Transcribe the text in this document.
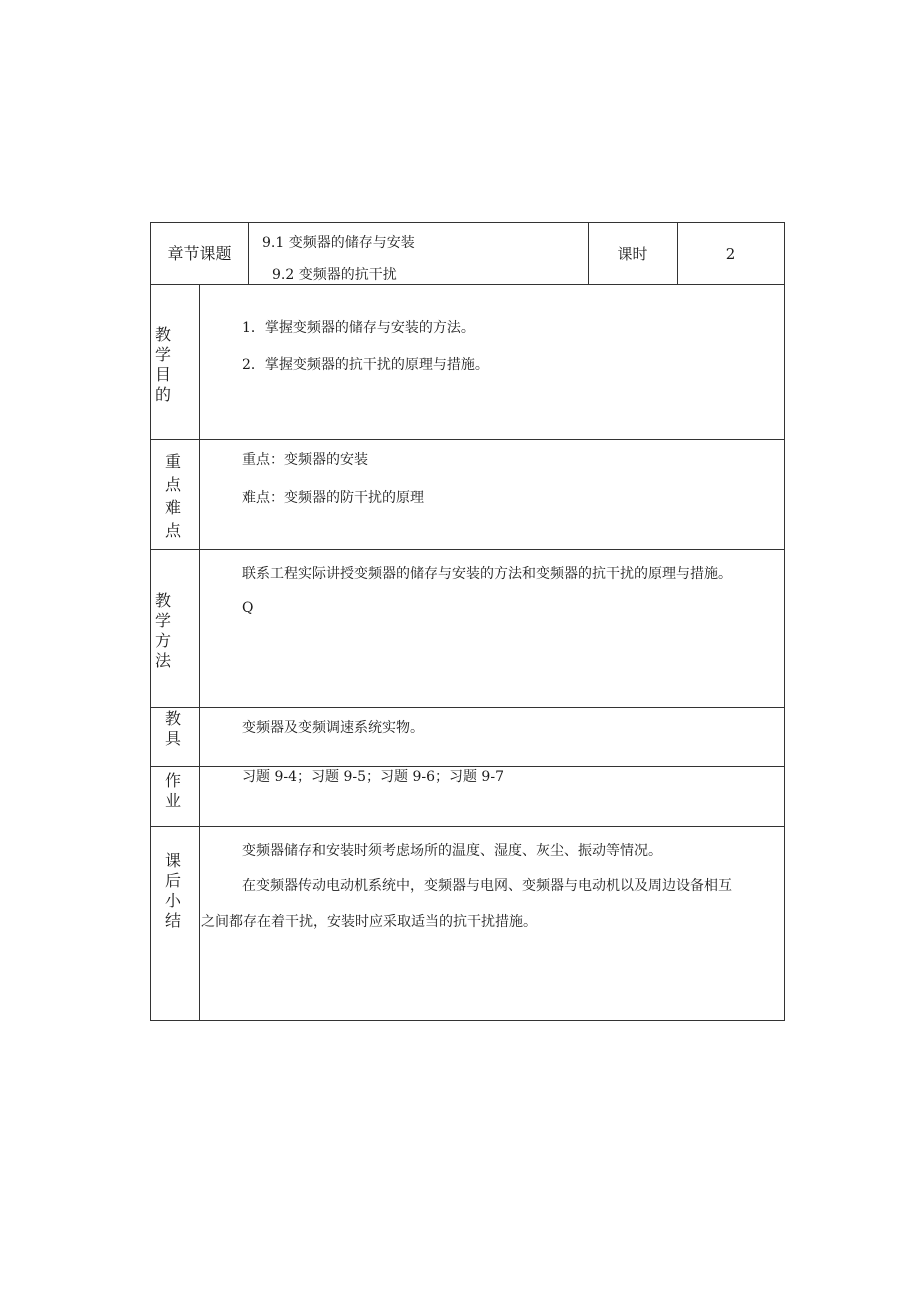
章节课题
9.1 变频器的储存与安装
9.2 变频器的抗干扰
课时	2
教学目的
1．掌握变频器的储存与安装的方法。
2．掌握变频器的抗干扰的原理与措施。
重点难点
重点：变频器的安装
难点：变频器的防干扰的原理
教学方法
联系工程实际讲授变频器的储存与安装的方法和变频器的抗干扰的原理与措施。
Q
教具
变频器及变频调速系统实物。
作业
习题 9-4；习题 9-5；习题 9-6；习题 9-7
课后小结
变频器储存和安装时须考虑场所的温度、湿度、灰尘、振动等情况。
在变频器传动电动机系统中，变频器与电网、变频器与电动机以及周边设备相互
之间都存在着干扰，安装时应采取适当的抗干扰措施。
